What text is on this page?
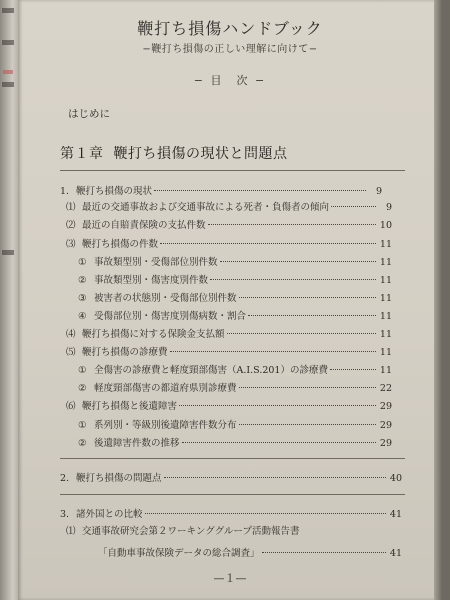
鞭打ち損傷ハンドブック
−鞭打ち損傷の正しい理解に向けて−
− 目　次 −
はじめに
第１章 鞭打ち損傷の現状と問題点
1. 鞭打ち損傷の現状	9
⑴ 最近の交通事故および交通事故による死者・負傷者の傾向	9
⑵ 最近の自賠責保険の支払件数	10
⑶ 鞭打ち損傷の件数	11
① 事故類型別・受傷部位別件数	11
② 事故類型別・傷害度別件数	11
③ 被害者の状態別・受傷部位別件数	11
④ 受傷部位別・傷害度別傷病数・割合	11
⑷ 鞭打ち損傷に対する保険金支払額	11
⑸ 鞭打ち損傷の診療費	11
① 全傷害の診療費と軽度頸部傷害（A.I.S.201）の診療費	11
② 軽度頸部傷害の都道府県別診療費	22
⑹ 鞭打ち損傷と後遺障害	29
① 系列別・等級別後遺障害件数分布	29
② 後遺障害件数の推移	29
2. 鞭打ち損傷の問題点	40
3. 諸外国との比較	41
⑴ 交通事故研究会第２ワーキンググループ活動報告書
「自動車事故保険データの総合調査」	41
—１—
